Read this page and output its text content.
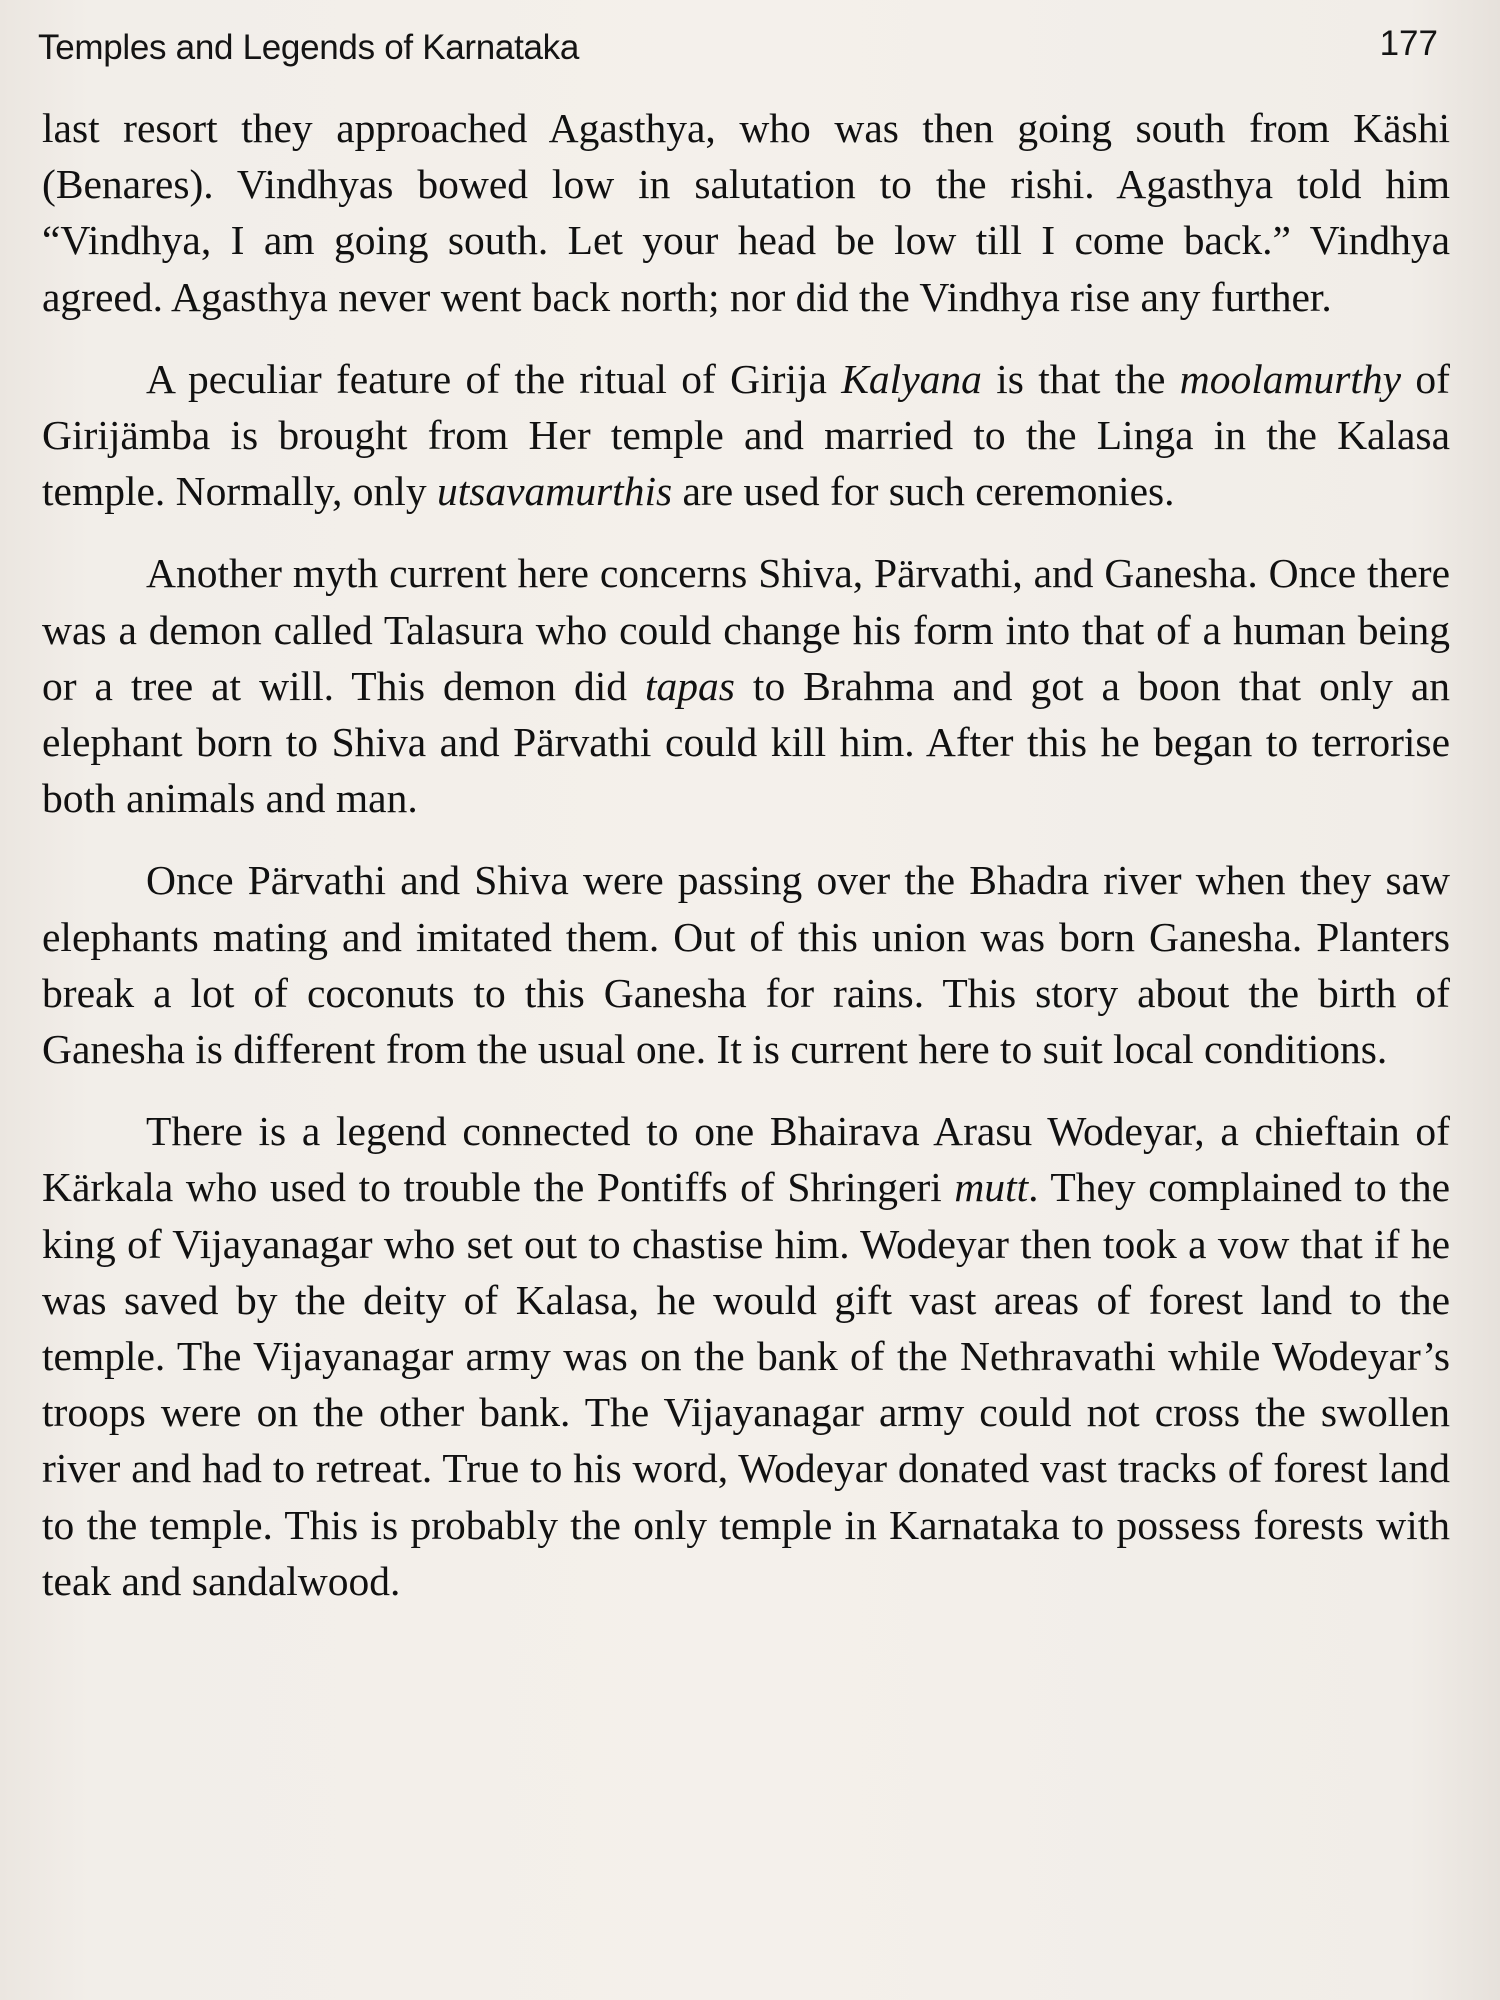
Temples and Legends of Karnataka	177

last resort they approached Agasthya, who was then going south from Käshi (Benares). Vindhyas bowed low in salutation to the rishi. Agasthya told him “Vindhya, I am going south. Let your head be low till I come back.” Vindhya agreed. Agasthya never went back north; nor did the Vindhya rise any further.

A peculiar feature of the ritual of Girija Kalyana is that the moolamurthy of Girijämba is brought from Her temple and married to the Linga in the Kalasa temple. Normally, only utsavamurthis are used for such ceremonies.

Another myth current here concerns Shiva, Pärvathi, and Ganesha. Once there was a demon called Talasura who could change his form into that of a human being or a tree at will. This demon did tapas to Brahma and got a boon that only an elephant born to Shiva and Pärvathi could kill him. After this he began to terrorise both animals and man.

Once Pärvathi and Shiva were passing over the Bhadra river when they saw elephants mating and imitated them. Out of this union was born Ganesha. Planters break a lot of coconuts to this Ganesha for rains. This story about the birth of Ganesha is different from the usual one. It is current here to suit local conditions.

There is a legend connected to one Bhairava Arasu Wodeyar, a chieftain of Kärkala who used to trouble the Pontiffs of Shringeri mutt. They complained to the king of Vijayanagar who set out to chastise him. Wodeyar then took a vow that if he was saved by the deity of Kalasa, he would gift vast areas of forest land to the temple. The Vijayanagar army was on the bank of the Nethravathi while Wodeyar’s troops were on the other bank. The Vijayanagar army could not cross the swollen river and had to retreat. True to his word, Wodeyar donated vast tracks of forest land to the temple. This is probably the only temple in Karnataka to possess forests with teak and sandalwood.
